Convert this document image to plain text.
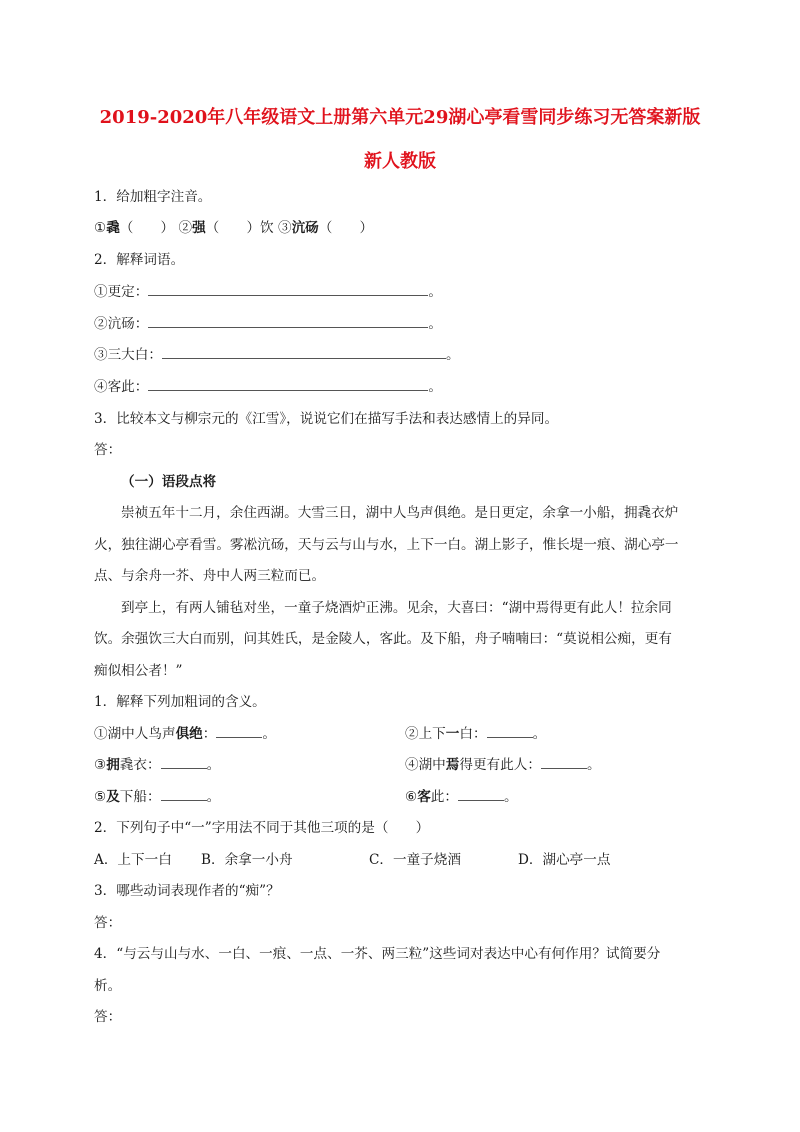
2019-2020年八年级语文上册第六单元29湖心亭看雪同步练习无答案新版
新人教版
1．给加粗字注音。
①毳（　　） ②强（　　）饮 ③沆砀（　　）
2．解释词语。
①更定：	。
②沆砀：	。
③三大白：	。
④客此：	。
3．比较本文与柳宗元的《江雪》，说说它们在描写手法和表达感情上的异同。
答：
（一）语段点将
崇祯五年十二月，余住西湖。大雪三日，湖中人鸟声俱绝。是日更定，余拿一小船，拥毳衣炉
火，独往湖心亭看雪。雾凇沆砀，天与云与山与水，上下一白。湖上影子，惟长堤一痕、湖心亭一
点、与余舟一芥、舟中人两三粒而已。
到亭上，有两人铺毡对坐，一童子烧酒炉正沸。见余，大喜曰：“湖中焉得更有此人！拉余同
饮。余强饮三大白而别，问其姓氏，是金陵人，客此。及下船，舟子喃喃曰：“莫说相公痴，更有
痴似相公者！”
1．解释下列加粗词的含义。
①湖中人鸟声俱绝：	。	②上下一白：	。
③拥毳衣：	。	④湖中焉得更有此人：	。
⑤及下船：	。	⑥客此：	。
2．下列句子中“一”字用法不同于其他三项的是（　　）
A．上下一白 B．余拿一小舟	C．一童子烧酒	D．湖心亭一点
3．哪些动词表现作者的“痴”？
答：
4．“与云与山与水、一白、一痕、一点、一芥、两三粒”这些词对表达中心有何作用？试简要分
析。
答：
